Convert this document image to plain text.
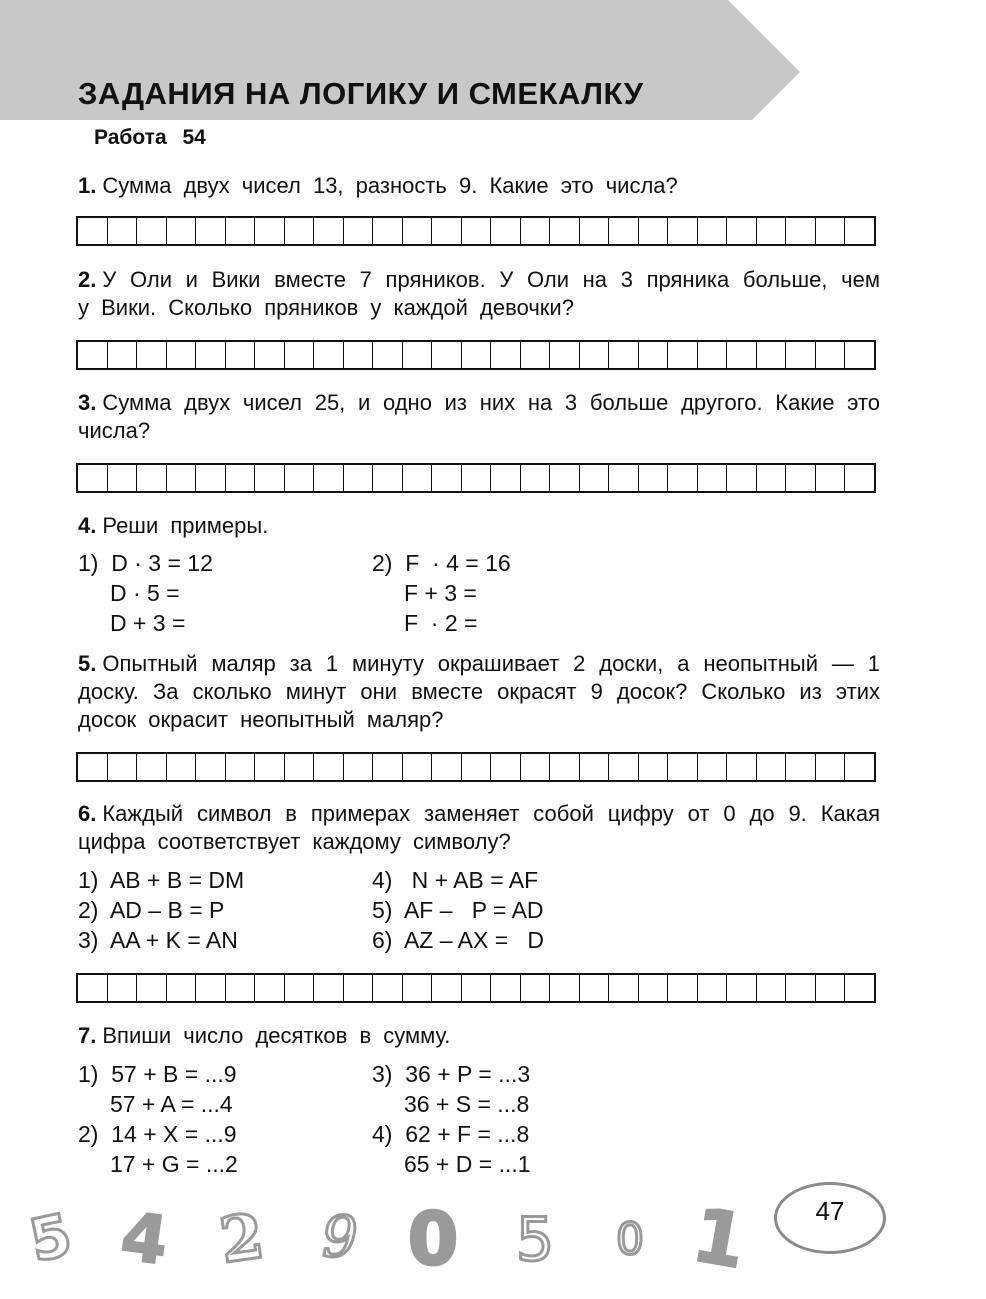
ЗАДАНИЯ НА ЛОГИКУ И СМЕКАЛКУ
Работа 54
1. Сумма двух чисел 13, разность 9. Какие это числа?
2. У Оли и Вики вместе 7 пряников. У Оли на 3 пряника больше, чем у Вики. Сколько пряников у каждой девочки?
3. Сумма двух чисел 25, и одно из них на 3 больше другого. Какие это числа?
4. Реши примеры.
1)  D · 3 = 12
D · 5 =
D + 3 =
2)  F  · 4 = 16
F + 3 =
F  · 2 =
5. Опытный маляр за 1 минуту окрашивает 2 доски, а неопытный — 1 доску. За сколько минут они вместе окрасят 9 досок? Сколько из этих досок окрасит неопытный маляр?
6. Каждый символ в примерах заменяет собой цифру от 0 до 9. Какая цифра соответствует каждому символу?
1)  AB + B = DM
2)  AD – B = P
3)  AA + K = AN
4)   N + AB = AF
5)  AF –   P = AD
6)  AZ – AX =   D
7. Впиши число десятков в сумму.
1)  57 + B = ...9
57 + A = ...4
2)  14 + X = ...9
17 + G = ...2
3)  36 + P = ...3
36 + S = ...8
4)  62 + F = ...8
65 + D = ...1
5 4 2 9 0 5 0 1	47
